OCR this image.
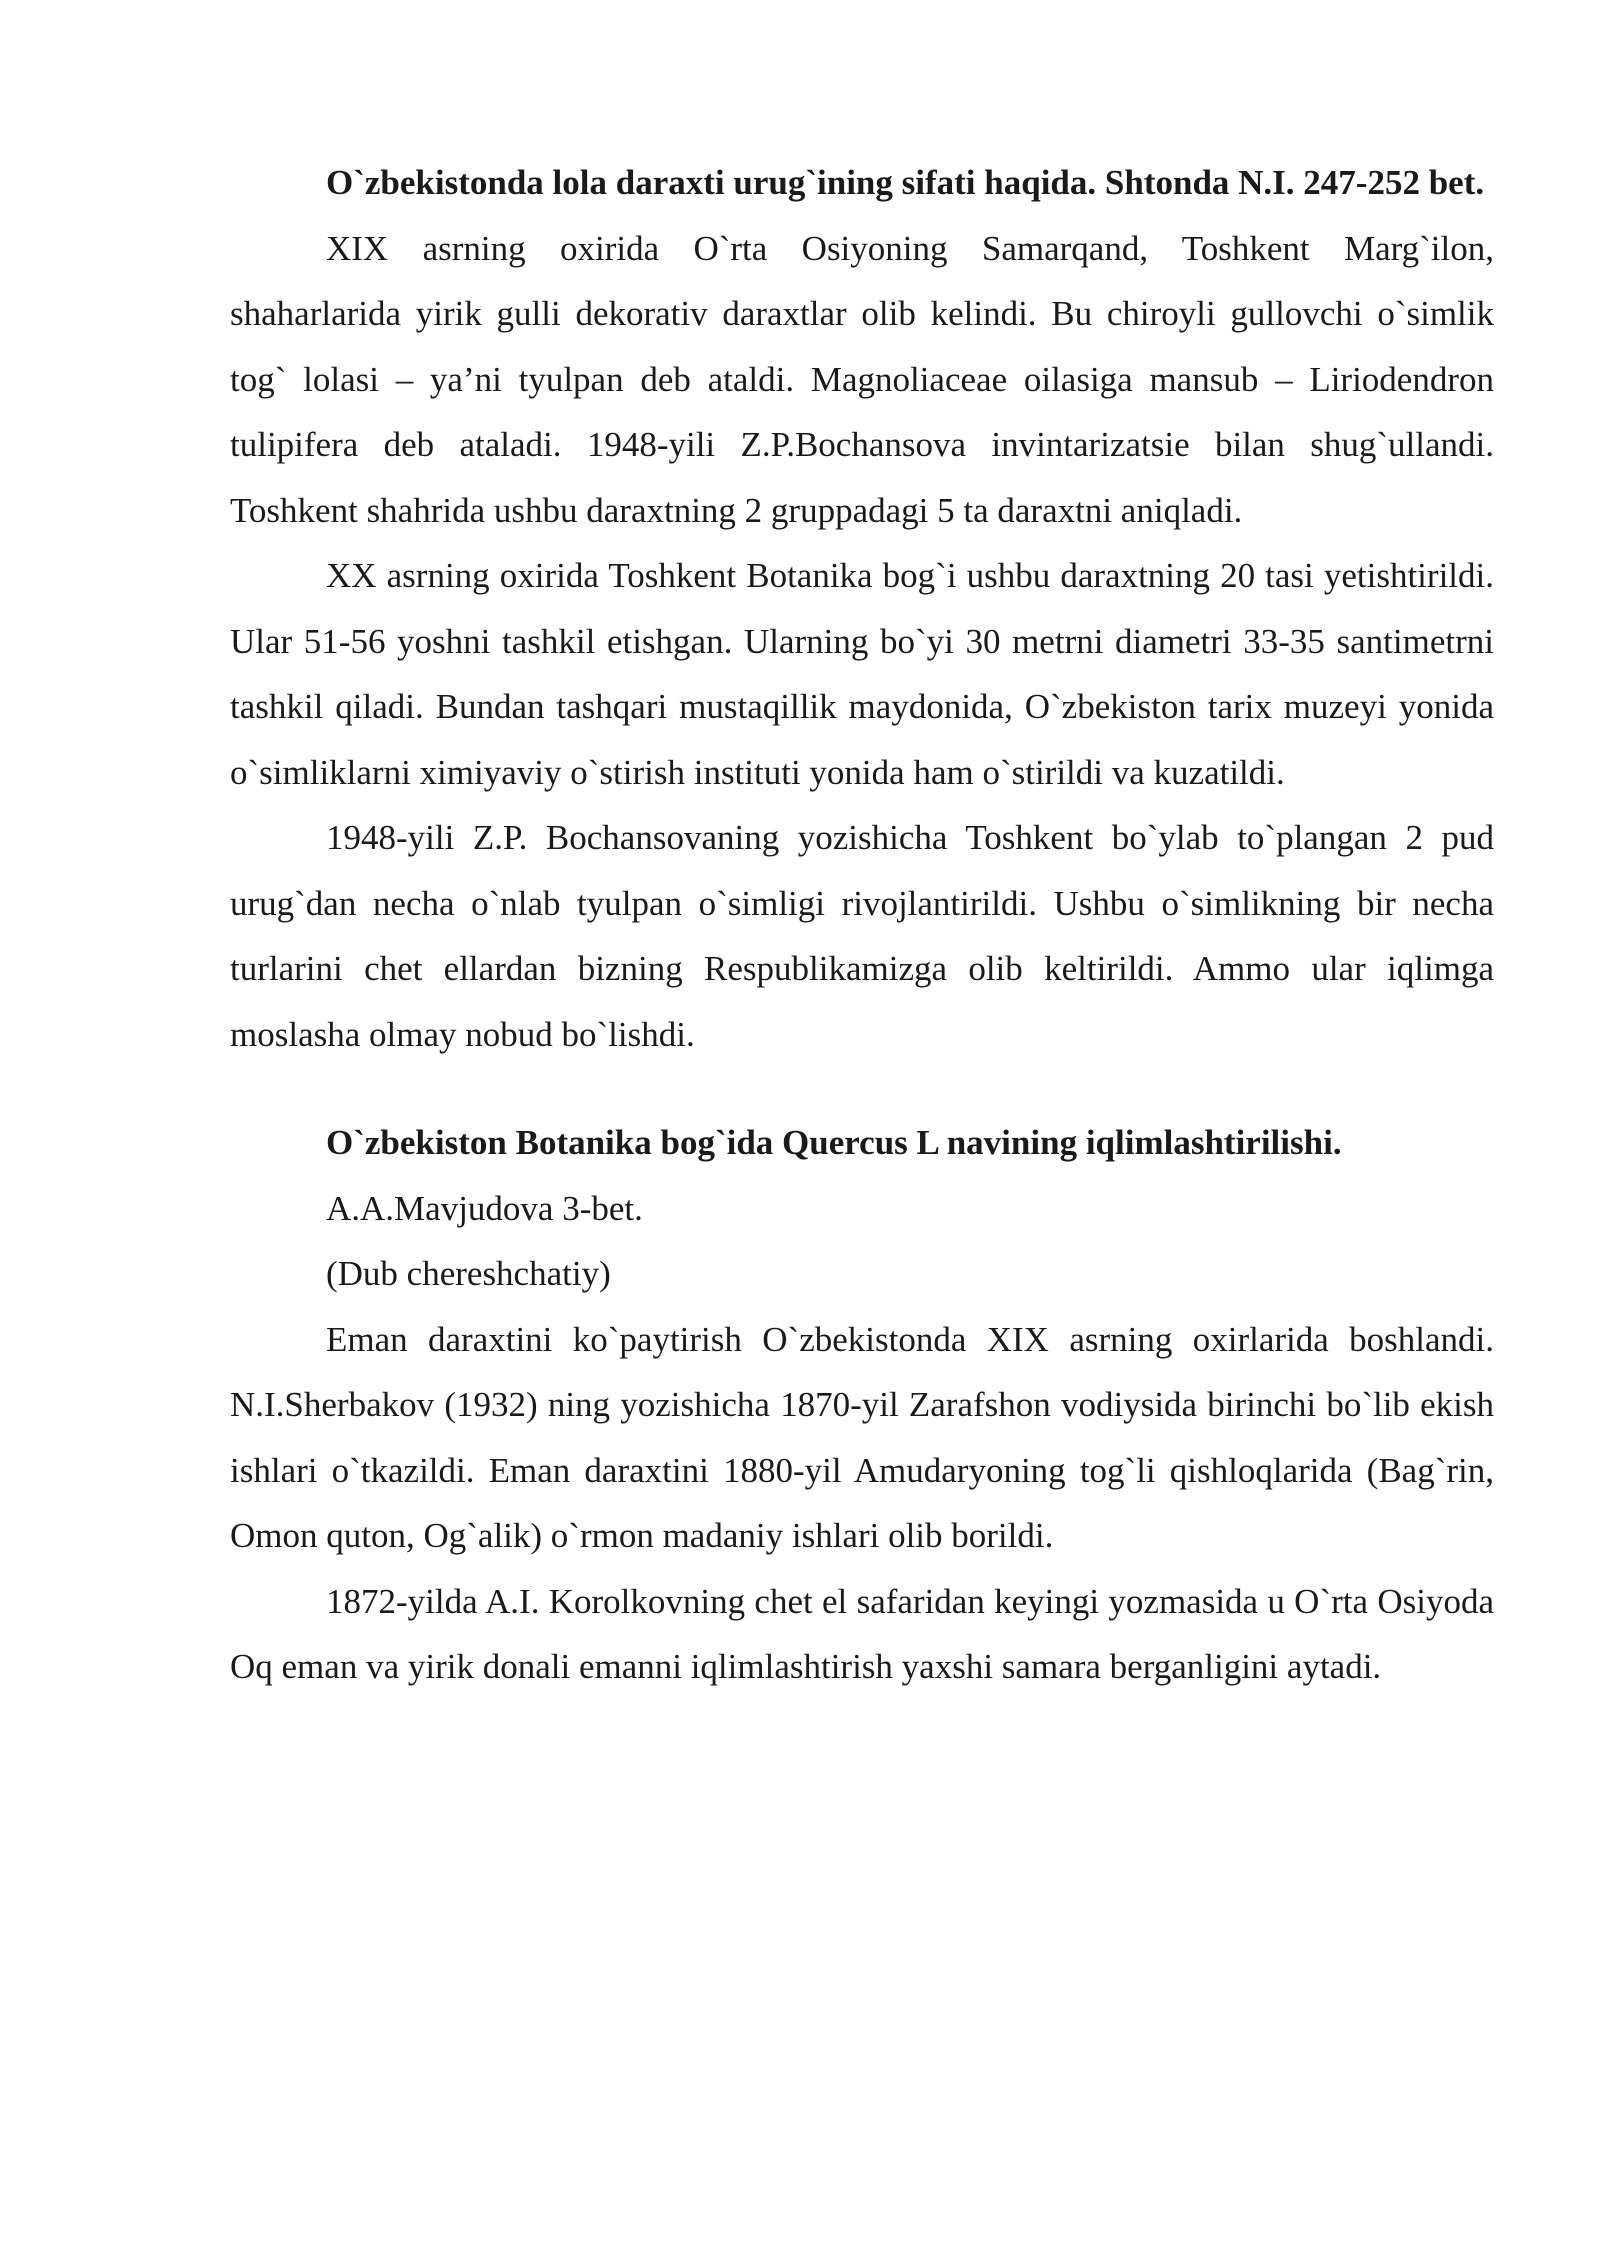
O`zbekistonda lola daraxti urug`ining sifati haqida. Shtonda N.I. 247-252 bet.

XIX asrning oxirida O`rta Osiyoning Samarqand, Toshkent Marg`ilon, shaharlarida yirik gulli dekorativ daraxtlar olib kelindi. Bu chiroyli gullovchi o`simlik tog` lolasi – ya’ni tyulpan deb ataldi. Magnoliaceae oilasiga mansub – Liriodendron tulipifera deb ataladi. 1948-yili Z.P.Bochansova invintarizatsie bilan shug`ullandi. Toshkent shahrida ushbu daraxtning 2 gruppadagi 5 ta daraxtni aniqladi.

XX asrning oxirida Toshkent Botanika bog`i ushbu daraxtning 20 tasi yetishtirildi. Ular 51-56 yoshni tashkil etishgan. Ularning bo`yi 30 metrni diametri 33-35 santimetrni tashkil qiladi. Bundan tashqari mustaqillik maydonida, O`zbekiston tarix muzeyi yonida o`simliklarni ximiyaviy o`stirish instituti yonida ham o`stirildi va kuzatildi.

1948-yili Z.P. Bochansovaning yozishicha Toshkent bo`ylab to`plangan 2 pud urug`dan necha o`nlab tyulpan o`simligi rivojlantirildi. Ushbu o`simlikning bir necha turlarini chet ellardan bizning Respublikamizga olib keltirildi. Ammo ular iqlimga moslasha olmay nobud bo`lishdi.

O`zbekiston Botanika bog`ida Quercus L navining iqlimlashtirilishi.

A.A.Mavjudova 3-bet.

(Dub chereshchatiy)

Eman daraxtini ko`paytirish O`zbekistonda XIX asrning oxirlarida boshlandi. N.I.Sherbakov (1932) ning yozishicha 1870-yil Zarafshon vodiysida birinchi bo`lib ekish ishlari o`tkazildi. Eman daraxtini 1880-yil Amudaryoning tog`li qishloqlarida (Bag`rin, Omon quton, Og`alik) o`rmon madaniy ishlari olib borildi.

1872-yilda A.I. Korolkovning chet el safaridan keyingi yozmasida u O`rta Osiyoda Oq eman va yirik donali emanni iqlimlashtirish yaxshi samara berganligini aytadi.
